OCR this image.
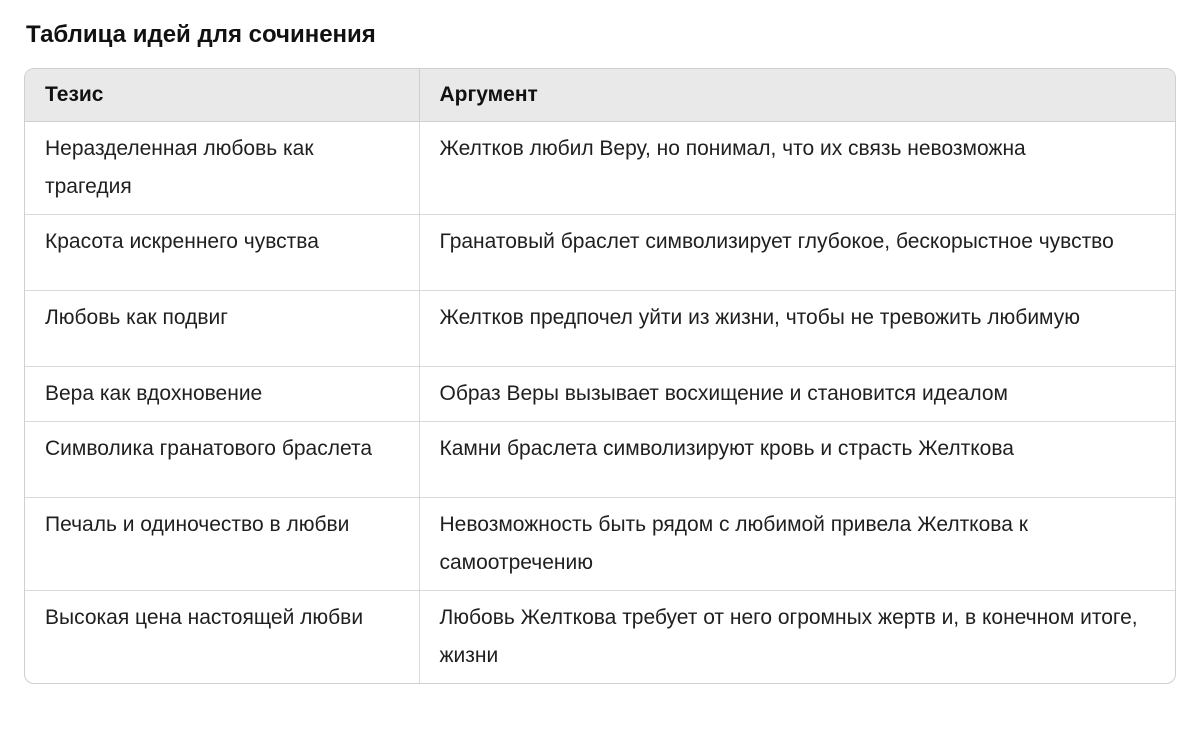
Таблица идей для сочинения
Тезис	Аргумент
Неразделенная любовь как трагедия	Желтков любил Веру, но понимал, что их связь невозможна
Красота искреннего чувства	Гранатовый браслет символизирует глубокое, бескорыстное чувство
Любовь как подвиг	Желтков предпочел уйти из жизни, чтобы не тревожить любимую
Вера как вдохновение	Образ Веры вызывает восхищение и становится идеалом
Символика гранатового браслета	Камни браслета символизируют кровь и страсть Желткова
Печаль и одиночество в любви	Невозможность быть рядом с любимой привела Желткова к самоотречению
Высокая цена настоящей любви	Любовь Желткова требует от него огромных жертв и, в конечном итоге, жизни
